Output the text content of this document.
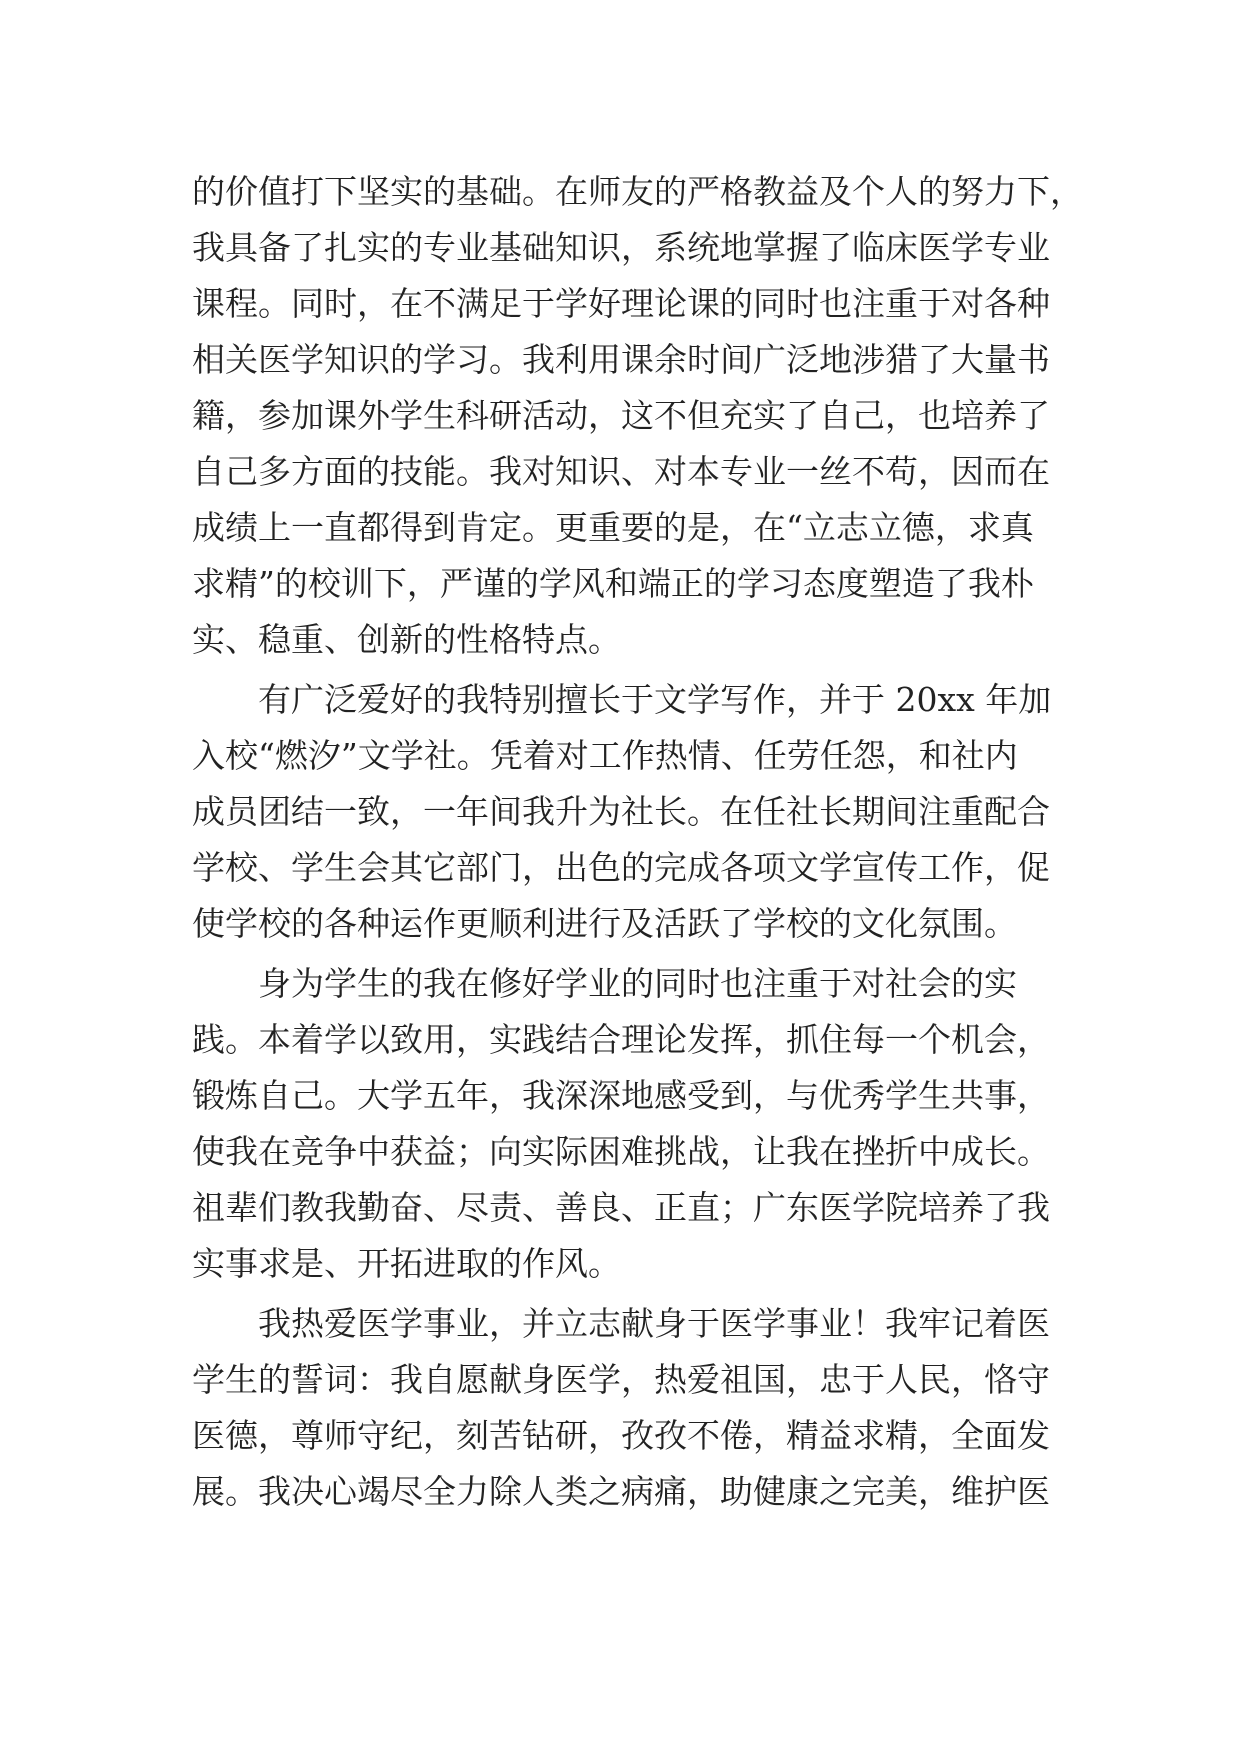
的价值打下坚实的基础。在师友的严格教益及个人的努力下，
我具备了扎实的专业基础知识，系统地掌握了临床医学专业
课程。同时，在不满足于学好理论课的同时也注重于对各种
相关医学知识的学习。我利用课余时间广泛地涉猎了大量书
籍，参加课外学生科研活动，这不但充实了自己，也培养了
自己多方面的技能。我对知识、对本专业一丝不苟，因而在
成绩上一直都得到肯定。更重要的是，在“立志立德，求真
求精”的校训下，严谨的学风和端正的学习态度塑造了我朴
实、稳重、创新的性格特点。
有广泛爱好的我特别擅长于文学写作，并于 20xx 年加
入校“燃汐”文学社。凭着对工作热情、任劳任怨，和社内
成员团结一致，一年间我升为社长。在任社长期间注重配合
学校、学生会其它部门，出色的完成各项文学宣传工作，促
使学校的各种运作更顺利进行及活跃了学校的文化氛围。
身为学生的我在修好学业的同时也注重于对社会的实
践。本着学以致用，实践结合理论发挥，抓住每一个机会，
锻炼自己。大学五年，我深深地感受到，与优秀学生共事，
使我在竞争中获益；向实际困难挑战，让我在挫折中成长。
祖辈们教我勤奋、尽责、善良、正直；广东医学院培养了我
实事求是、开拓进取的作风。
我热爱医学事业，并立志献身于医学事业！我牢记着医
学生的誓词：我自愿献身医学，热爱祖国，忠于人民，恪守
医德，尊师守纪，刻苦钻研，孜孜不倦，精益求精，全面发
展。我决心竭尽全力除人类之病痛，助健康之完美，维护医
